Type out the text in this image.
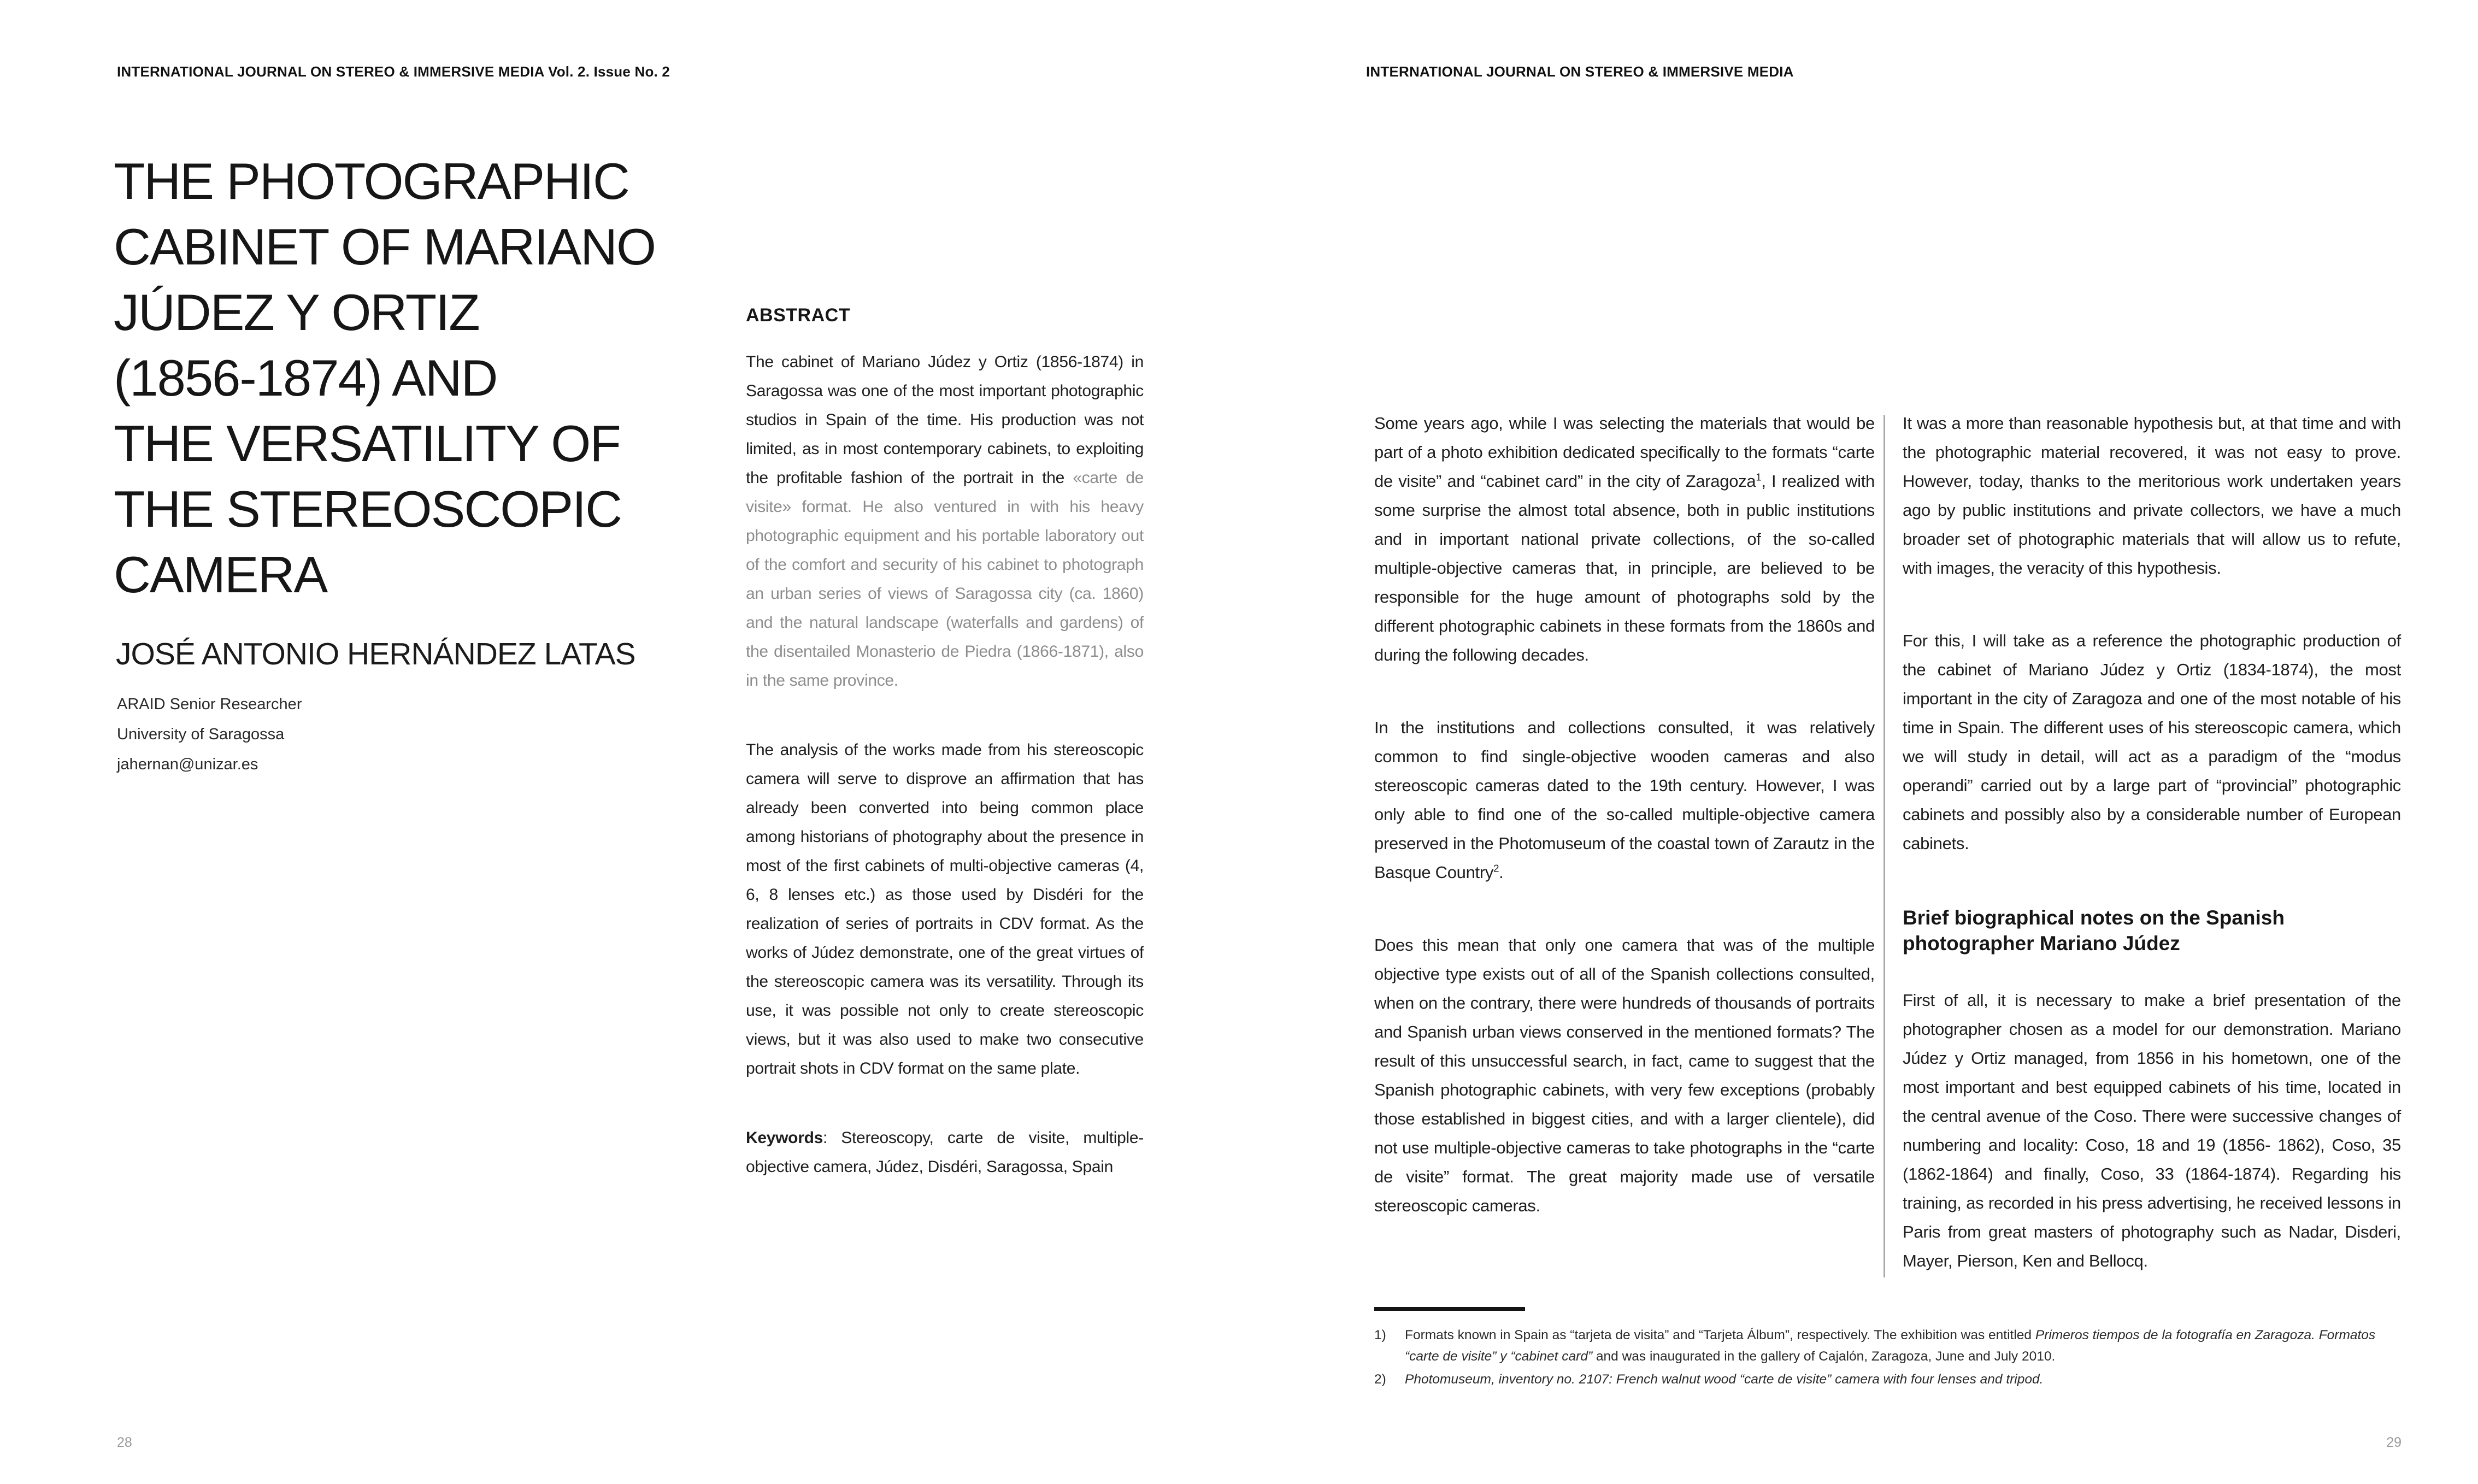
INTERNATIONAL JOURNAL ON STEREO & IMMERSIVE MEDIA Vol. 2. Issue No. 2
THE PHOTOGRAPHIC
CABINET OF MARIANO
JÚDEZ Y ORTIZ
(1856-1874) AND
THE VERSATILITY OF
THE STEREOSCOPIC
CAMERA
JOSÉ ANTONIO HERNÁNDEZ LATAS
ARAID Senior Researcher
University of Saragossa
jahernan@unizar.es
ABSTRACT

The cabinet of Mariano Júdez y Ortiz (1856-1874) in Saragossa was one of the most important photographic studios in Spain of the time. His production was not limited, as in most contemporary cabinets, to exploiting the profitable fashion of the portrait in the «carte de visite» format. He also ventured in with his heavy photographic equipment and his portable laboratory out of the comfort and security of his cabinet to photograph an urban series of views of Saragossa city (ca. 1860) and the natural landscape (waterfalls and gardens) of the disentailed Monasterio de Piedra (1866-1871), also in the same province.

The analysis of the works made from his stereoscopic camera will serve to disprove an affirmation that has already been converted into being common place among historians of photography about the presence in most of the first cabinets of multi-objective cameras (4, 6, 8 lenses etc.) as those used by Disdéri for the realization of series of portraits in CDV format. As the works of Júdez demonstrate, one of the great virtues of the stereoscopic camera was its versatility. Through its use, it was possible not only to create stereoscopic views, but it was also used to make two consecutive portrait shots in CDV format on the same plate.

Keywords: Stereoscopy, carte de visite, multiple-objective camera, Júdez, Disdéri, Saragossa, Spain

28
INTERNATIONAL JOURNAL ON STEREO & IMMERSIVE MEDIA

Some years ago, while I was selecting the materials that would be part of a photo exhibition dedicated specifically to the formats “carte de visite” and “cabinet card” in the city of Zaragoza$^1$, I realized with some surprise the almost total absence, both in public institutions and in important national private collections, of the so-called multiple-objective cameras that, in principle, are believed to be responsible for the huge amount of photographs sold by the different photographic cabinets in these formats from the 1860s and during the following decades.

In the institutions and collections consulted, it was relatively common to find single-objective wooden cameras and also stereoscopic cameras dated to the 19th century. However, I was only able to find one of the so-called multiple-objective camera preserved in the Photomuseum of the coastal town of Zarautz in the Basque Country$^2$.

Does this mean that only one camera that was of the multiple objective type exists out of all of the Spanish collections consulted, when on the contrary, there were hundreds of thousands of portraits and Spanish urban views conserved in the mentioned formats? The result of this unsuccessful search, in fact, came to suggest that the Spanish photographic cabinets, with very few exceptions (probably those established in biggest cities, and with a larger clientele), did not use multiple-objective cameras to take photographs in the “carte de visite” format. The great majority made use of versatile stereoscopic cameras.

It was a more than reasonable hypothesis but, at that time and with the photographic material recovered, it was not easy to prove. However, today, thanks to the meritorious work undertaken years ago by public institutions and private collectors, we have a much broader set of photographic materials that will allow us to refute, with images, the veracity of this hypothesis.

For this, I will take as a reference the photographic production of the cabinet of Mariano Júdez y Ortiz (1834-1874), the most important in the city of Zaragoza and one of the most notable of his time in Spain. The different uses of his stereoscopic camera, which we will study in detail, will act as a paradigm of the “modus operandi” carried out by a large part of “provincial” photographic cabinets and possibly also by a considerable number of European cabinets.

Brief biographical notes on the Spanish
photographer Mariano Júdez

First of all, it is necessary to make a brief presentation of the photographer chosen as a model for our demonstration. Mariano Júdez y Ortiz managed, from 1856 in his hometown, one of the most important and best equipped cabinets of his time, located in the central avenue of the Coso. There were successive changes of numbering and locality: Coso, 18 and 19 (1856- 1862), Coso, 35 (1862-1864) and finally, Coso, 33 (1864-1874). Regarding his training, as recorded in his press advertising, he received lessons in Paris from great masters of photography such as Nadar, Disderi, Mayer, Pierson, Ken and Bellocq.

1)	Formats known in Spain as “tarjeta de visita” and “Tarjeta Álbum”, respectively. The exhibition was entitled Primeros tiempos de la fotografía en Zaragoza. Formatos “carte de visite” y “cabinet card” and was inaugurated in the gallery of Cajalón, Zaragoza, June and July 2010.
2)	Photomuseum, inventory no. 2107: French walnut wood “carte de visite” camera with four lenses and tripod.
29
